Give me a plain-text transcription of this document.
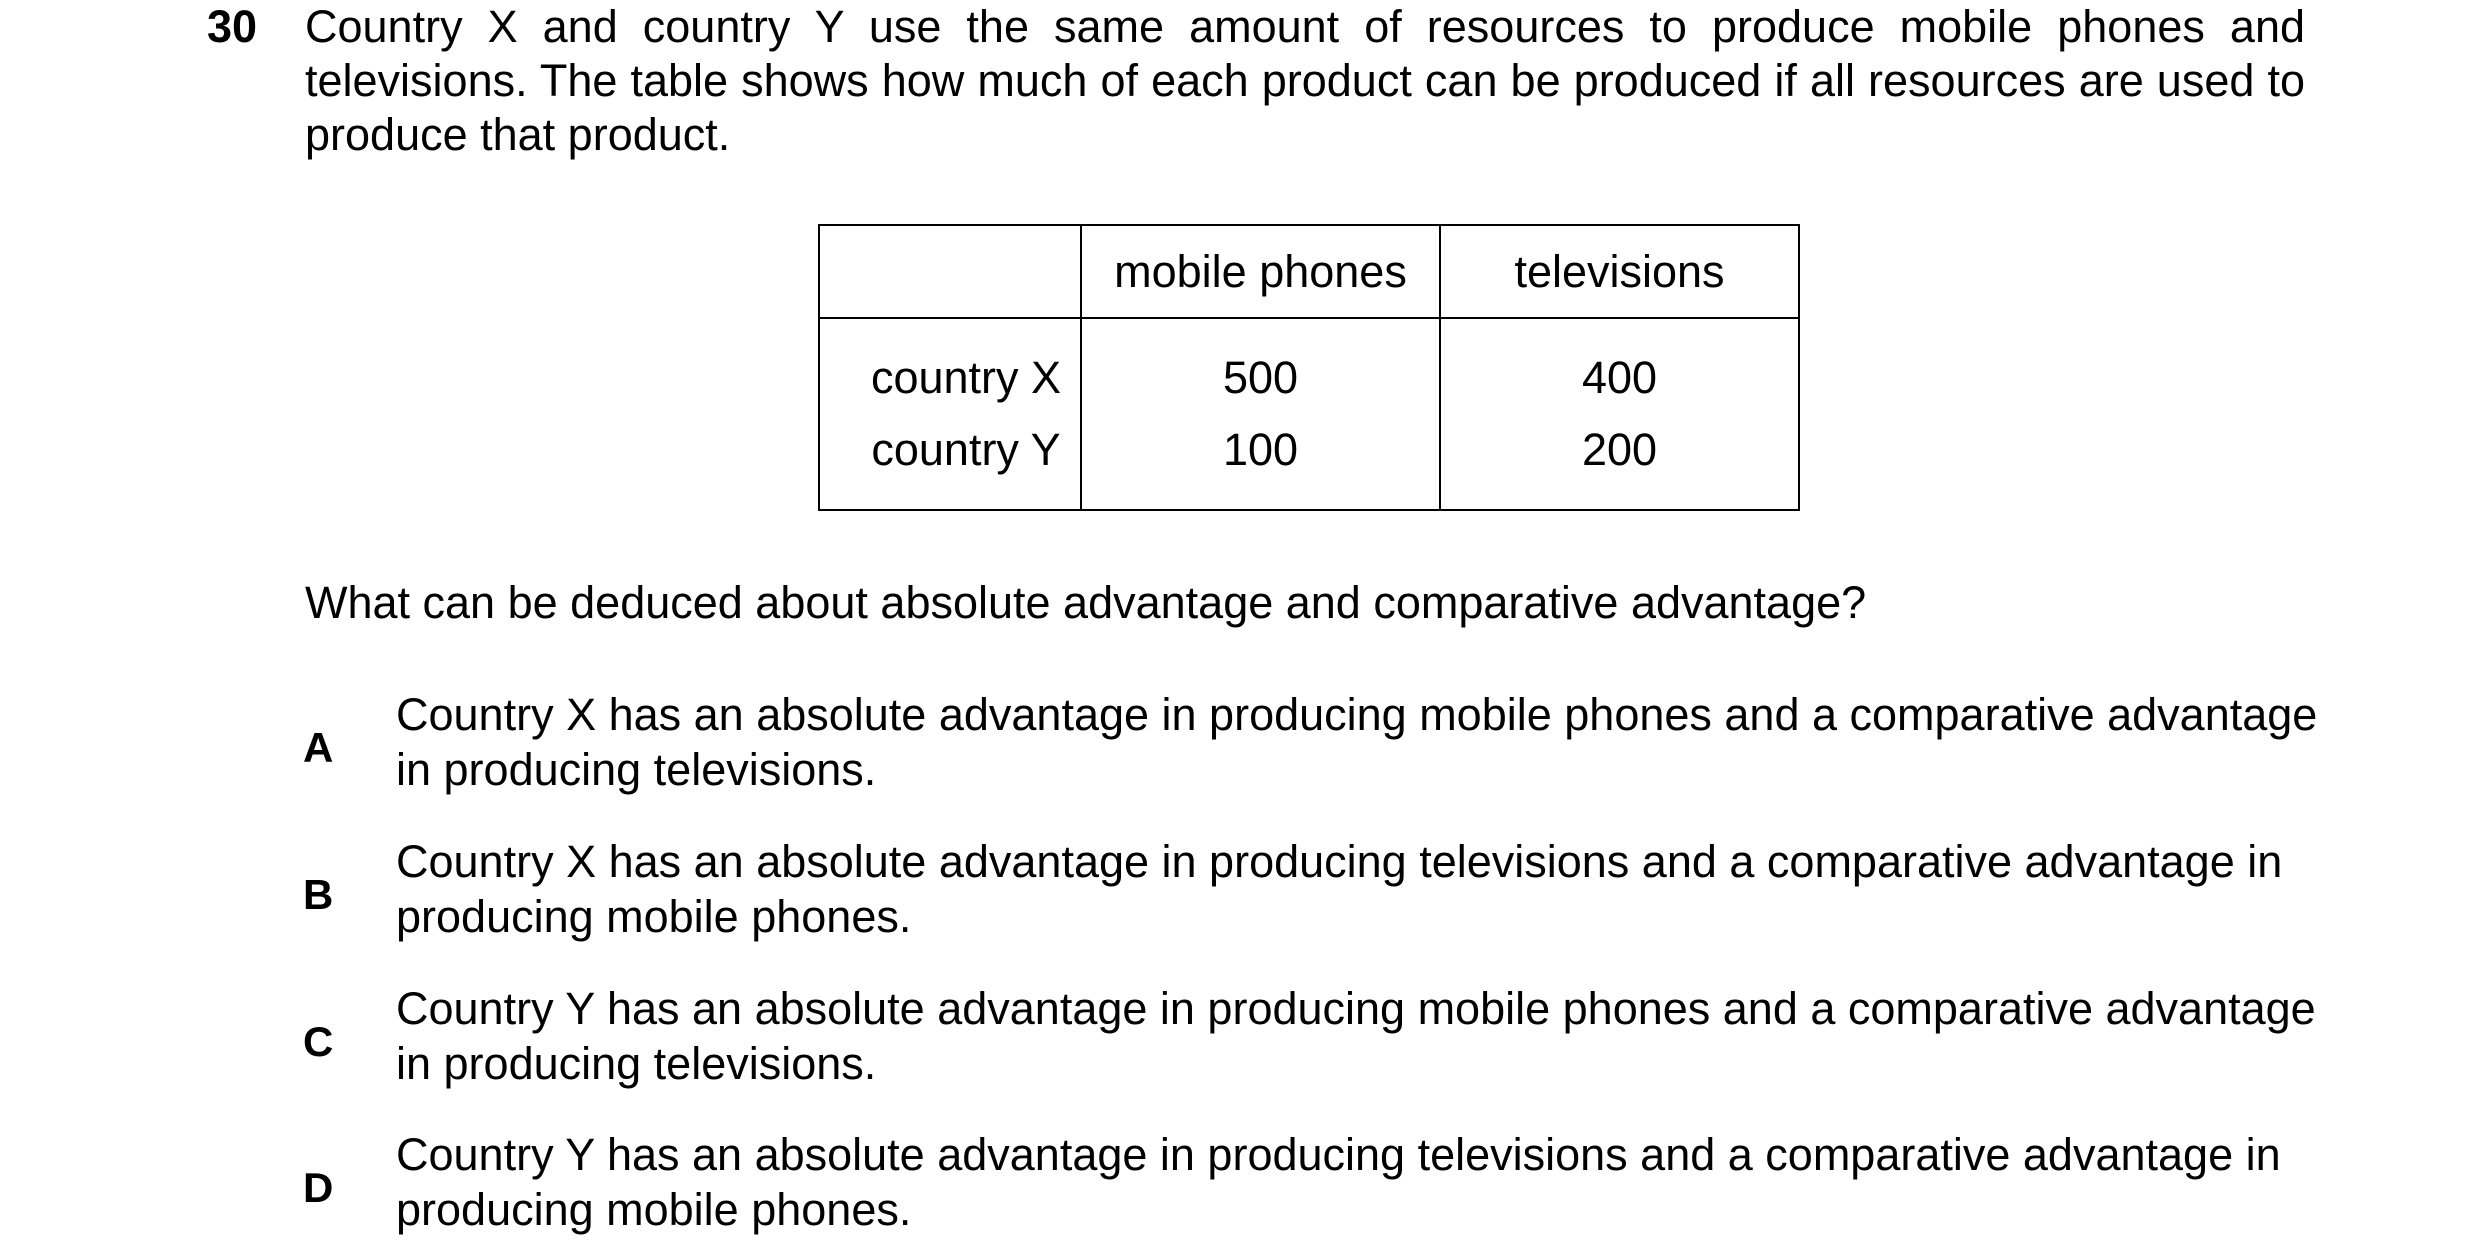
30 Country X and country Y use the same amount of resources to produce mobile phones and televisions. The table shows how much of each product can be produced if all resources are used to produce that product.
	mobile phones	televisions
country X	500	400
country Y	100	200
What can be deduced about absolute advantage and comparative advantage?
A
Country X has an absolute advantage in producing mobile phones and a comparative advantage in producing televisions.
B
Country X has an absolute advantage in producing televisions and a comparative advantage in producing mobile phones.
C
Country Y has an absolute advantage in producing mobile phones and a comparative advantage in producing televisions.
D
Country Y has an absolute advantage in producing televisions and a comparative advantage in producing mobile phones.
